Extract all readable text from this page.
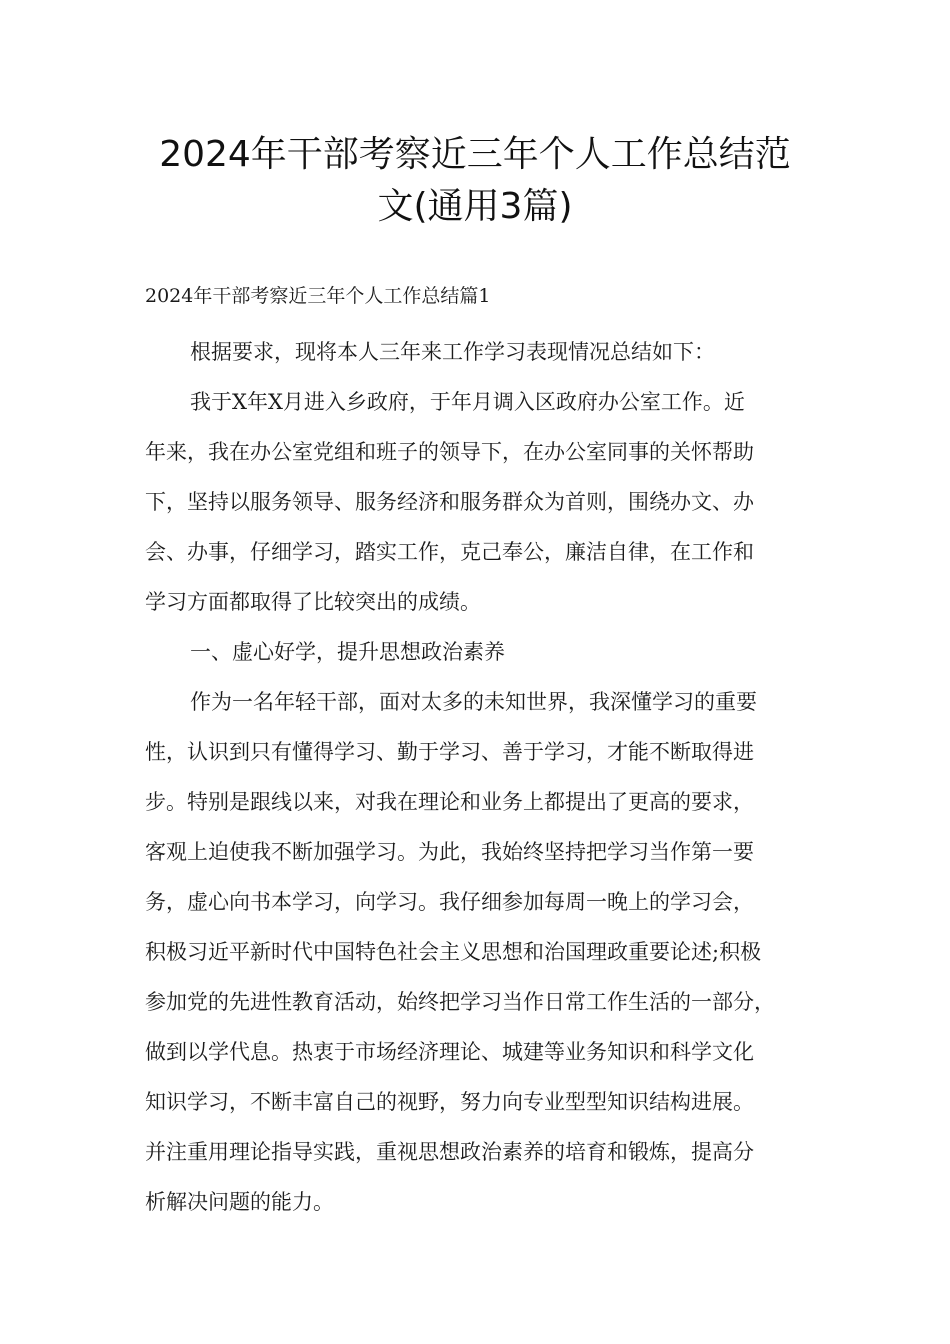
2024年干部考察近三年个人工作总结范
文(通用3篇)
2024年干部考察近三年个人工作总结篇1
根据要求，现将本人三年来工作学习表现情况总结如下：
我于X年X月进入乡政府，于年月调入区政府办公室工作。近
年来，我在办公室党组和班子的领导下，在办公室同事的关怀帮助
下，坚持以服务领导、服务经济和服务群众为首则，围绕办文、办
会、办事，仔细学习，踏实工作，克己奉公，廉洁自律，在工作和
学习方面都取得了比较突出的成绩。
一、虚心好学，提升思想政治素养
作为一名年轻干部，面对太多的未知世界，我深懂学习的重要
性，认识到只有懂得学习、勤于学习、善于学习，才能不断取得进
步。特别是跟线以来，对我在理论和业务上都提出了更高的要求，
客观上迫使我不断加强学习。为此，我始终坚持把学习当作第一要
务，虚心向书本学习，向学习。我仔细参加每周一晚上的学习会，
积极习近平新时代中国特色社会主义思想和治国理政重要论述;积极
参加党的先进性教育活动，始终把学习当作日常工作生活的一部分，
做到以学代息。热衷于市场经济理论、城建等业务知识和科学文化
知识学习，不断丰富自己的视野，努力向专业型型知识结构进展。
并注重用理论指导实践，重视思想政治素养的培育和锻炼，提高分
析解决问题的能力。
